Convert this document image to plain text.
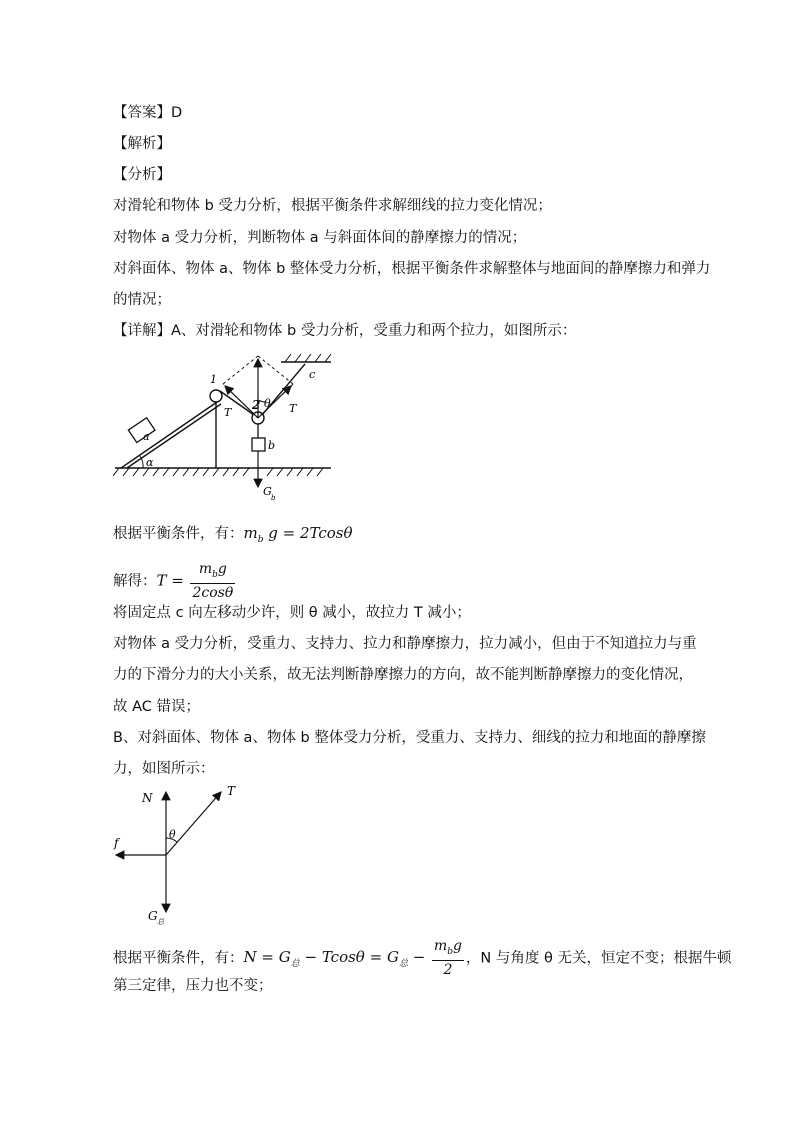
【答案】D
【解析】
【分析】
对滑轮和物体 b 受力分析，根据平衡条件求解细线的拉力变化情况；
对物体 a 受力分析，判断物体 a 与斜面体间的静摩擦力的情况；
对斜面体、物体 a、物体 b 整体受力分析，根据平衡条件求解整体与地面间的静摩擦力和弹力
的情况；
【详解】A、对滑轮和物体 b 受力分析，受重力和两个拉力，如图所示：
a
α
1	c
2
T	T
θ
b
G b
根据平衡条件，有：$m_b$ g = 2Tcosθ
解得：$T = \frac{m_bg}{2\cos\theta}$
将固定点 c 向左移动少许，则 θ 减小，故拉力 T 减小；
对物体 a 受力分析，受重力、支持力、拉力和静摩擦力，拉力减小，但由于不知道拉力与重
力的下滑分力的大小关系，故无法判断静摩擦力的方向，故不能判断静摩擦力的变化情况，
故 AC 错误；
B、对斜面体、物体 a、物体 b 整体受力分析，受重力、支持力、细线的拉力和地面的静摩擦
力，如图所示：
N	T
θ
f
G 总
根据平衡条件，有：$N = G_总 - Tcos\theta = G_总 - \frac{m_bg}{2}$ ，N 与角度 θ 无关，恒定不变；根据牛顿
第三定律，压力也不变；
